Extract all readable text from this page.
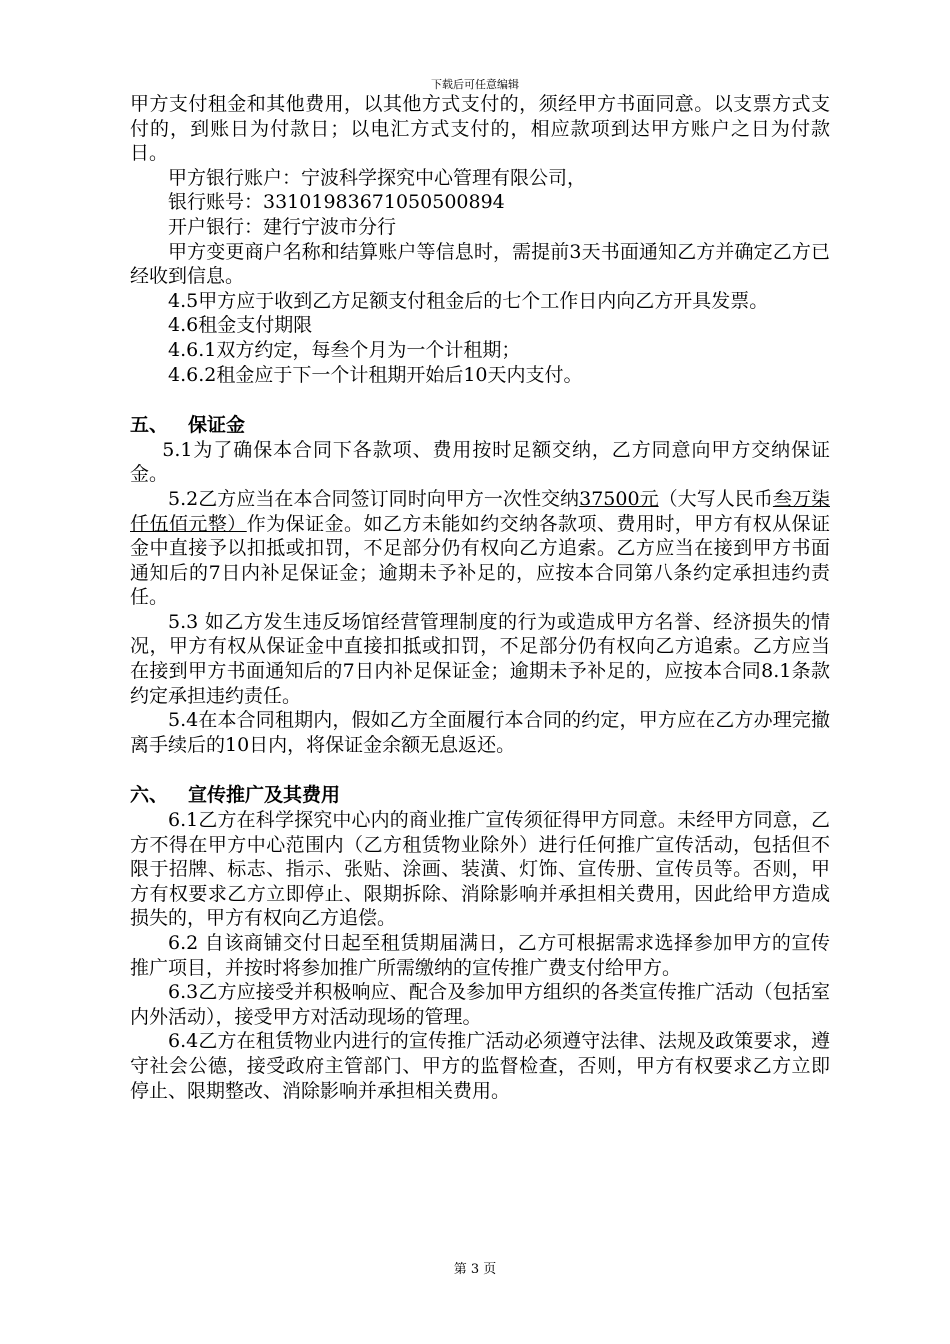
下载后可任意编辑

甲方支付租金和其他费用，以其他方式支付的，须经甲方书面同意。以支票方式支付的，到账日为付款日；以电汇方式支付的，相应款项到达甲方账户之日为付款日。

甲方银行账户：宁波科学探究中心管理有限公司，

银行账号：33101983671050500894

开户银行：建行宁波市分行

甲方变更商户名称和结算账户等信息时，需提前3天书面通知乙方并确定乙方已经收到信息。

4.5甲方应于收到乙方足额支付租金后的七个工作日内向乙方开具发票。

4.6租金支付期限

4.6.1双方约定，每叁个月为一个计租期；

4.6.2租金应于下一个计租期开始后10天内支付。

五、 保证金

5.1为了确保本合同下各款项、费用按时足额交纳，乙方同意向甲方交纳保证金。

5.2乙方应当在本合同签订同时向甲方一次性交纳37500元（大写人民币叁万柒仟伍佰元整）作为保证金。如乙方未能如约交纳各款项、费用时，甲方有权从保证金中直接予以扣抵或扣罚，不足部分仍有权向乙方追索。乙方应当在接到甲方书面通知后的7日内补足保证金；逾期未予补足的，应按本合同第八条约定承担违约责任。

5.3 如乙方发生违反场馆经营管理制度的行为或造成甲方名誉、经济损失的情况，甲方有权从保证金中直接扣抵或扣罚，不足部分仍有权向乙方追索。乙方应当在接到甲方书面通知后的7日内补足保证金；逾期未予补足的，应按本合同8.1条款约定承担违约责任。

5.4在本合同租期内，假如乙方全面履行本合同的约定，甲方应在乙方办理完撤离手续后的10日内，将保证金余额无息返还。

六、 宣传推广及其费用

6.1乙方在科学探究中心内的商业推广宣传须征得甲方同意。未经甲方同意，乙方不得在甲方中心范围内（乙方租赁物业除外）进行任何推广宣传活动，包括但不限于招牌、标志、指示、张贴、涂画、装潢、灯饰、宣传册、宣传员等。否则，甲方有权要求乙方立即停止、限期拆除、消除影响并承担相关费用，因此给甲方造成损失的，甲方有权向乙方追偿。

6.2 自该商铺交付日起至租赁期届满日，乙方可根据需求选择参加甲方的宣传推广项目，并按时将参加推广所需缴纳的宣传推广费支付给甲方。

6.3乙方应接受并积极响应、配合及参加甲方组织的各类宣传推广活动（包括室内外活动），接受甲方对活动现场的管理。

6.4乙方在租赁物业内进行的宣传推广活动必须遵守法律、法规及政策要求，遵守社会公德，接受政府主管部门、甲方的监督检查，否则，甲方有权要求乙方立即停止、限期整改、消除影响并承担相关费用。

第 3 页
